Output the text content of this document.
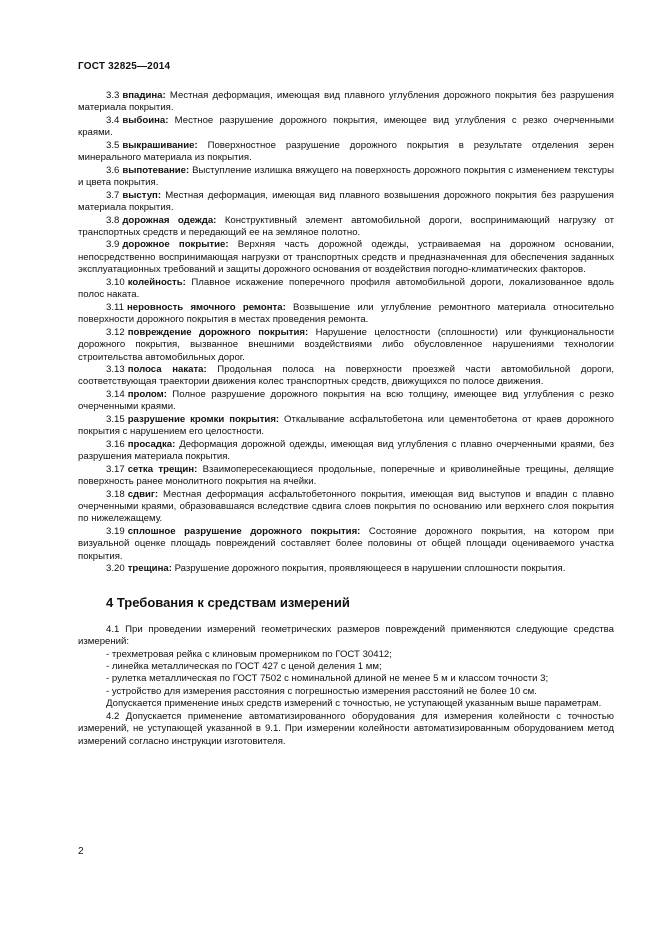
ГОСТ 32825—2014

3.3 впадина: Местная деформация, имеющая вид плавного углубления дорожного покрытия без разрушения материала покрытия.

3.4 выбоина: Местное разрушение дорожного покрытия, имеющее вид углубления с резко очерченными краями.

3.5 выкрашивание: Поверхностное разрушение дорожного покрытия в результате отделения зерен минерального материала из покрытия.

3.6 выпотевание: Выступление излишка вяжущего на поверхность дорожного покрытия с изменением текстуры и цвета покрытия.

3.7 выступ: Местная деформация, имеющая вид плавного возвышения дорожного покрытия без разрушения материала покрытия.

3.8 дорожная одежда: Конструктивный элемент автомобильной дороги, воспринимающий нагрузку от транспортных средств и передающий ее на земляное полотно.

3.9 дорожное покрытие: Верхняя часть дорожной одежды, устраиваемая на дорожном основании, непосредственно воспринимающая нагрузки от транспортных средств и предназначенная для обеспечения заданных эксплуатационных требований и защиты дорожного основания от воздействия погодно-климатических факторов.

3.10 колейность: Плавное искажение поперечного профиля автомобильной дороги, локализованное вдоль полос наката.

3.11 неровность ямочного ремонта: Возвышение или углубление ремонтного материала относительно поверхности дорожного покрытия в местах проведения ремонта.

3.12 повреждение дорожного покрытия: Нарушение целостности (сплошности) или функциональности дорожного покрытия, вызванное внешними воздействиями либо обусловленное нарушениями технологии строительства автомобильных дорог.

3.13 полоса наката: Продольная полоса на поверхности проезжей части автомобильной дороги, соответствующая траектории движения колес транспортных средств, движущихся по полосе движения.

3.14 пролом: Полное разрушение дорожного покрытия на всю толщину, имеющее вид углубления с резко очерченными краями.

3.15 разрушение кромки покрытия: Откалывание асфальтобетона или цементобетона от краев дорожного покрытия с нарушением его целостности.

3.16 просадка: Деформация дорожной одежды, имеющая вид углубления с плавно очерченными краями, без разрушения материала покрытия.

3.17 сетка трещин: Взаимопересекающиеся продольные, поперечные и криволинейные трещины, делящие поверхность ранее монолитного покрытия на ячейки.

3.18 сдвиг: Местная деформация асфальтобетонного покрытия, имеющая вид выступов и впадин с плавно очерченными краями, образовавшаяся вследствие сдвига слоев покрытия по основанию или верхнего слоя покрытия по нижележащему.

3.19 сплошное разрушение дорожного покрытия: Состояние дорожного покрытия, на котором при визуальной оценке площадь повреждений составляет более половины от общей площади оцениваемого участка покрытия.

3.20 трещина: Разрушение дорожного покрытия, проявляющееся в нарушении сплошности покрытия.

4 Требования к средствам измерений

4.1 При проведении измерений геометрических размеров повреждений применяются следующие средства измерений:

- трехметровая рейка с клиновым промерником по ГОСТ 30412;

- линейка металлическая по ГОСТ 427 с ценой деления 1 мм;

- рулетка металлическая по ГОСТ 7502 с номинальной длиной не менее 5 м и классом точности 3;

- устройство для измерения расстояния с погрешностью измерения расстояний не более 10 см.

Допускается применение иных средств измерений с точностью, не уступающей указанным выше параметрам.

4.2 Допускается применение автоматизированного оборудования для измерения колейности с точностью измерений, не уступающей указанной в 9.1. При измерении колейности автоматизированным оборудованием метод измерений согласно инструкции изготовителя.

2
